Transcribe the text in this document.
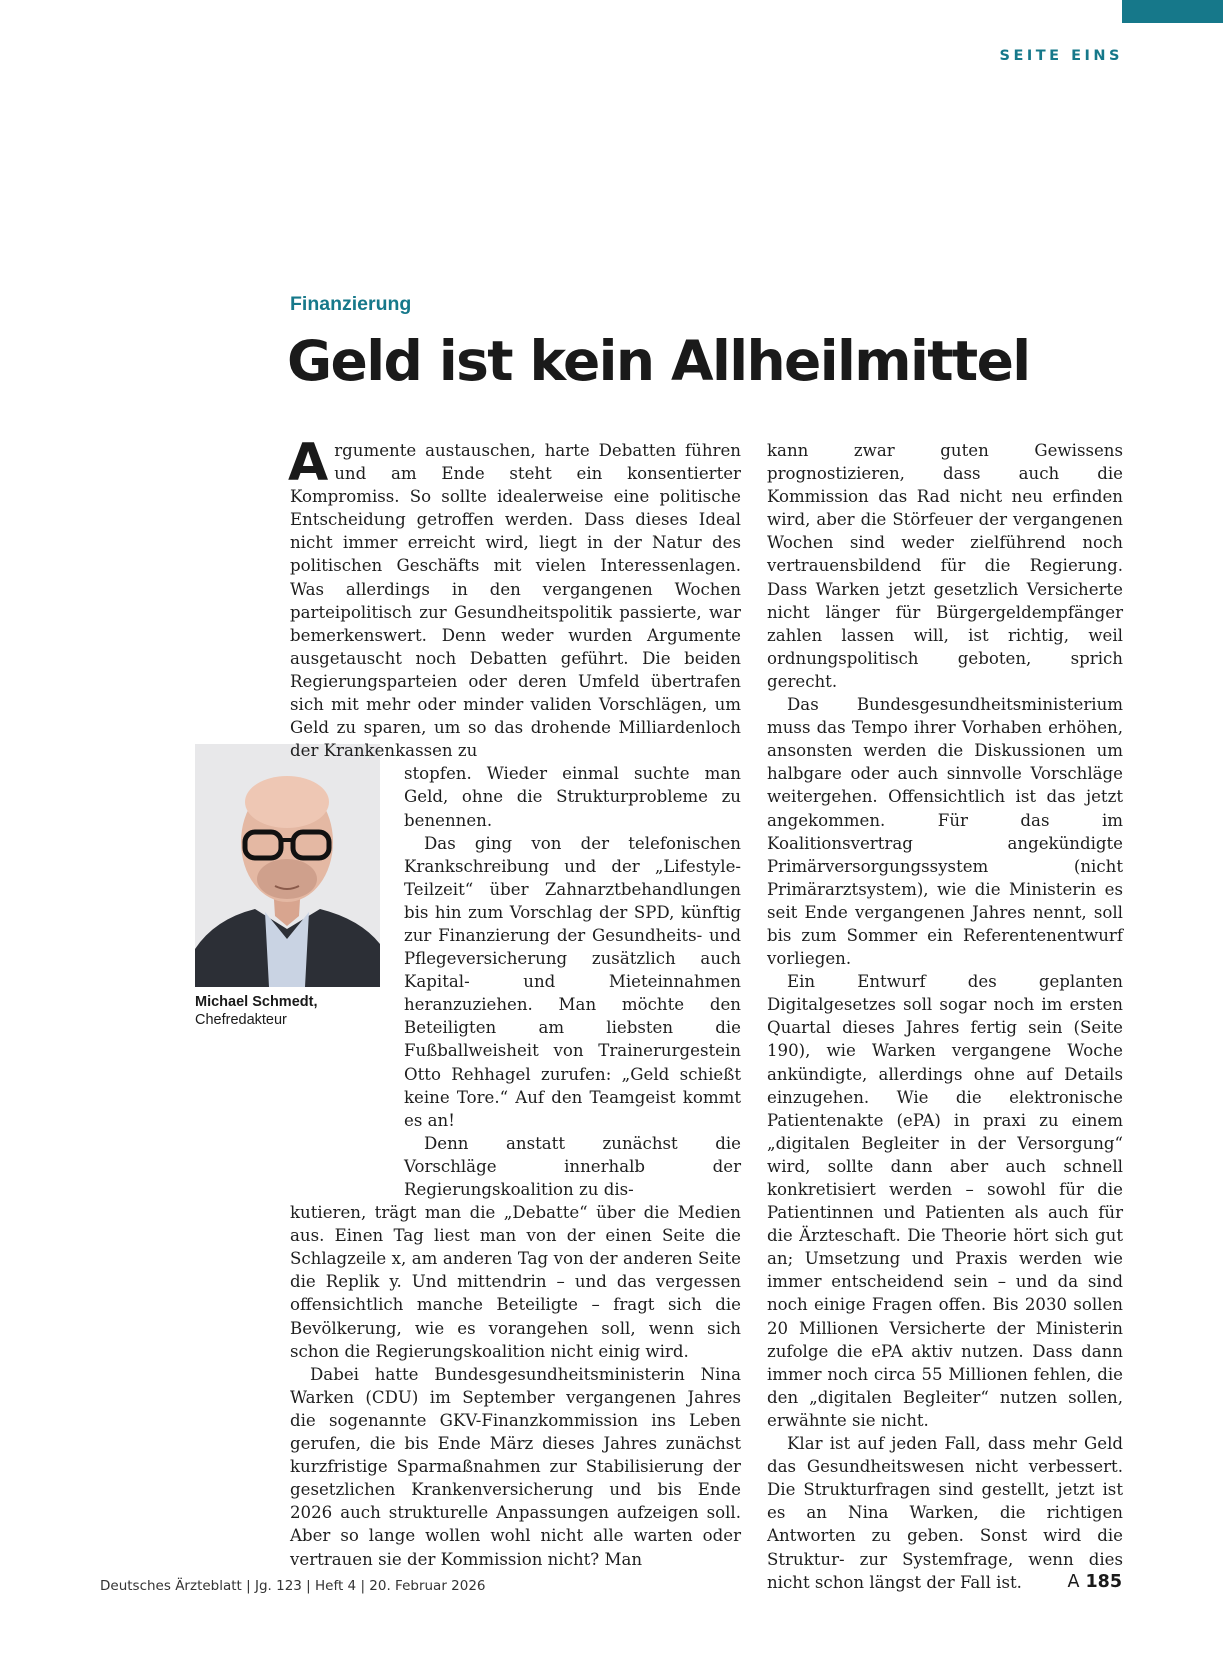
SEITE EINS
Finanzierung
Geld ist kein Allheilmittel
Michael Schmedt,
Chefredakteur

Argumente austauschen, harte Debatten führen und am Ende steht ein konsentierter Kompromiss. So sollte idealerweise eine politische Entscheidung getroffen werden. Dass dieses Ideal nicht immer erreicht wird, liegt in der Natur des politischen Geschäfts mit vielen Interessenlagen. Was allerdings in den vergangenen Wochen parteipolitisch zur Gesundheitspolitik passierte, war bemerkenswert. Denn weder wurden Argumente ausgetauscht noch Debatten geführt. Die beiden Regierungsparteien oder deren Umfeld übertrafen sich mit mehr oder minder validen Vorschlägen, um Geld zu sparen, um so das drohende Milliardenloch der Krankenkassen zu

stopfen. Wieder einmal suchte man Geld, ohne die Strukturprobleme zu benennen.

Das ging von der telefonischen Krankschreibung und der „Lifestyle-Teilzeit“ über Zahnarztbehandlungen bis hin zum Vorschlag der SPD, künftig zur Finanzierung der Gesundheits- und Pflegeversicherung zusätzlich auch Kapital- und Mieteinnahmen heranzuziehen. Man möchte den Beteiligten am liebsten die Fußballweisheit von Trainerurgestein Otto Rehhagel zurufen: „Geld schießt keine Tore.“ Auf den Teamgeist kommt es an!

Denn anstatt zunächst die Vorschläge innerhalb der Regierungskoalition zu dis-

kutieren, trägt man die „Debatte“ über die Medien aus. Einen Tag liest man von der einen Seite die Schlagzeile x, am anderen Tag von der anderen Seite die Replik y. Und mittendrin – und das vergessen offensichtlich manche Beteiligte – fragt sich die Bevölkerung, wie es vorangehen soll, wenn sich schon die Regierungskoalition nicht einig wird.

Dabei hatte Bundesgesundheitsministerin Nina Warken (CDU) im September vergangenen Jahres die sogenannte GKV-Finanzkommission ins Leben gerufen, die bis Ende März dieses Jahres zunächst kurzfristige Sparmaßnahmen zur Stabilisierung der gesetzlichen Krankenversicherung und bis Ende 2026 auch strukturelle Anpassungen aufzeigen soll. Aber so lange wollen wohl nicht alle warten oder vertrauen sie der Kommission nicht? Man

kann zwar guten Gewissens prognostizieren, dass auch die Kommission das Rad nicht neu erfinden wird, aber die Störfeuer der vergangenen Wochen sind weder zielführend noch vertrauensbildend für die Regierung. Dass Warken jetzt gesetzlich Versicherte nicht länger für Bürgergeldempfänger zahlen lassen will, ist richtig, weil ordnungspolitisch geboten, sprich gerecht.

Das Bundesgesundheitsministerium muss das Tempo ihrer Vorhaben erhöhen, ansonsten werden die Diskussionen um halbgare oder auch sinnvolle Vorschläge weitergehen. Offensichtlich ist das jetzt angekommen. Für das im Koalitionsvertrag angekündigte Primärversorgungssystem (nicht Primärarztsystem), wie die Ministerin es seit Ende vergangenen Jahres nennt, soll bis zum Sommer ein Referentenentwurf vorliegen.

Ein Entwurf des geplanten Digitalgesetzes soll sogar noch im ersten Quartal dieses Jahres fertig sein (Seite 190), wie Warken vergangene Woche ankündigte, allerdings ohne auf Details einzugehen. Wie die elektronische Patientenakte (ePA) in praxi zu einem „digitalen Begleiter in der Versorgung“ wird, sollte dann aber auch schnell konkretisiert werden – sowohl für die Patientinnen und Patienten als auch für die Ärzteschaft. Die Theorie hört sich gut an; Umsetzung und Praxis werden wie immer entscheidend sein – und da sind noch einige Fragen offen. Bis 2030 sollen 20 Millionen Versicherte der Ministerin zufolge die ePA aktiv nutzen. Dass dann immer noch circa 55 Millionen fehlen, die den „digitalen Begleiter“ nutzen sollen, erwähnte sie nicht.

Klar ist auf jeden Fall, dass mehr Geld das Gesundheitswesen nicht verbessert. Die Strukturfragen sind gestellt, jetzt ist es an Nina Warken, die richtigen Antworten zu geben. Sonst wird die Struktur- zur Systemfrage, wenn dies nicht schon längst der Fall ist.

Deutsches Ärzteblatt | Jg. 123 | Heft 4 | 20. Februar 2026	A 185
